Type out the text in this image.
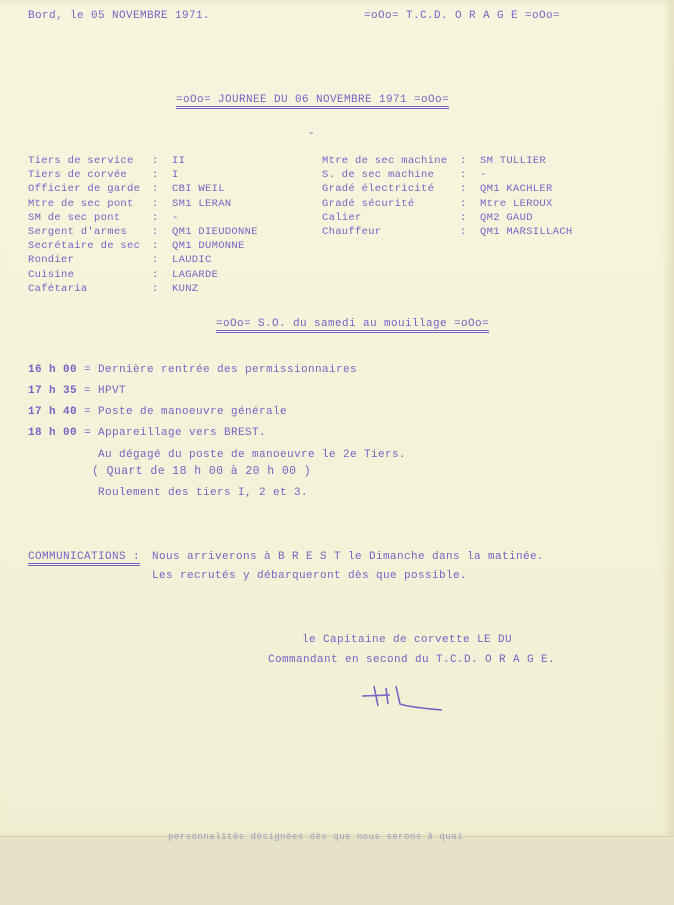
personnalités désignées dès que nous serons à quai
Bord, le 05 NOVEMBRE 1971.	=oOo= T.C.D. O R A G E =oOo=
=oOo= JOURNEE DU 06 NOVEMBRE 1971 =oOo=
-
Tiers de service : II
Tiers de corvée : I
Officier de garde : CBI WEIL
Mtre de sec pont : SM1 LERAN
SM de sec pont	: -
Sergent d'armes : QM1 DIEUDONNE
Secrétaire de sec : QM1 DUMONNE
Rondier	: LAUDIC
Cuisine	: LAGARDE
Cafétaria	: KUNZ
Mtre de sec machine : SM TULLIER
S. de sec machine : -
Gradé électricité : QM1 KACHLER
Gradé sécurité	: Mtre LEROUX
Calier	: QM2 GAUD
Chauffeur	: QM1 MARSILLACH
=oOo= S.O. du samedi au mouillage =oOo=
16 h 00 = Dernière rentrée des permissionnaires
17 h 35 = HPVT
17 h 40 = Poste de manoeuvre générale
18 h 00 = Appareillage vers BREST.
Au dégagé du poste de manoeuvre le 2e Tiers.
( Quart de 18 h 00 à 20 h 00 )
Roulement des tiers I, 2 et 3.
COMMUNICATIONS : Nous arriverons à B R E S T le Dimanche dans la matinée.
Les recrutés y débarqueront dès que possible.
le Capitaine de corvette LE DU
Commandant en second du T.C.D. O R A G E.
